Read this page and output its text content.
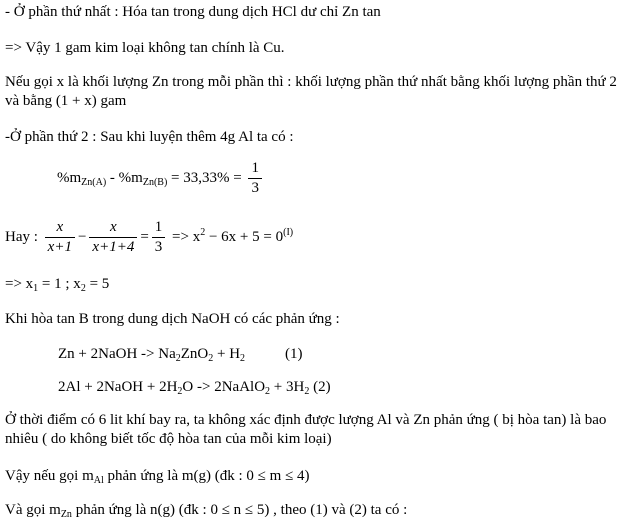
- Ở phần thứ nhất : Hóa tan trong dung dịch HCl dư chỉ Zn tan
=> Vậy 1 gam kim loại không tan chính là Cu.
Nếu gọi x là khối lượng Zn trong mỗi phần thì : khối lượng phần thứ nhất bằng khối lượng phần thứ 2 và bằng (1 + x) gam
-Ở phần thứ 2 : Sau khi luyện thêm 4g Al ta có :
$\%m_{Zn(A)} - \%m_{Zn(B)} = 33,33\% = \frac{1}{3}$
Hay : $\frac{x}{x+1} - \frac{x}{x+1+4} = \frac{1}{3} => x^2 - 6x + 5 = 0^{(I)}$
=> $x_1 = 1$ ; $x_2 = 5$
Khi hòa tan B trong dung dịch NaOH có các phản ứng :
Zn + 2NaOH -> $Na_2ZnO_2 + H_2$	(1)
2Al + 2NaOH + $2H_2O$ -> 2NaAlO$_2$ + $3H_2$ (2)
Ở thời điểm có 6 lit khí bay ra, ta không xác định được lượng Al và Zn phản ứng ( bị hòa tan) là bao nhiêu ( do không biết tốc độ hòa tan của mỗi kim loại)
Vậy nếu gọi $m_{Al}$ phản ứng là m(g) (đk : 0 ≤ m ≤ 4)
Và gọi $m_{Zn}$ phản ứng là n(g) (đk : 0 ≤ n ≤ 5) , theo (1) và (2) ta có :
